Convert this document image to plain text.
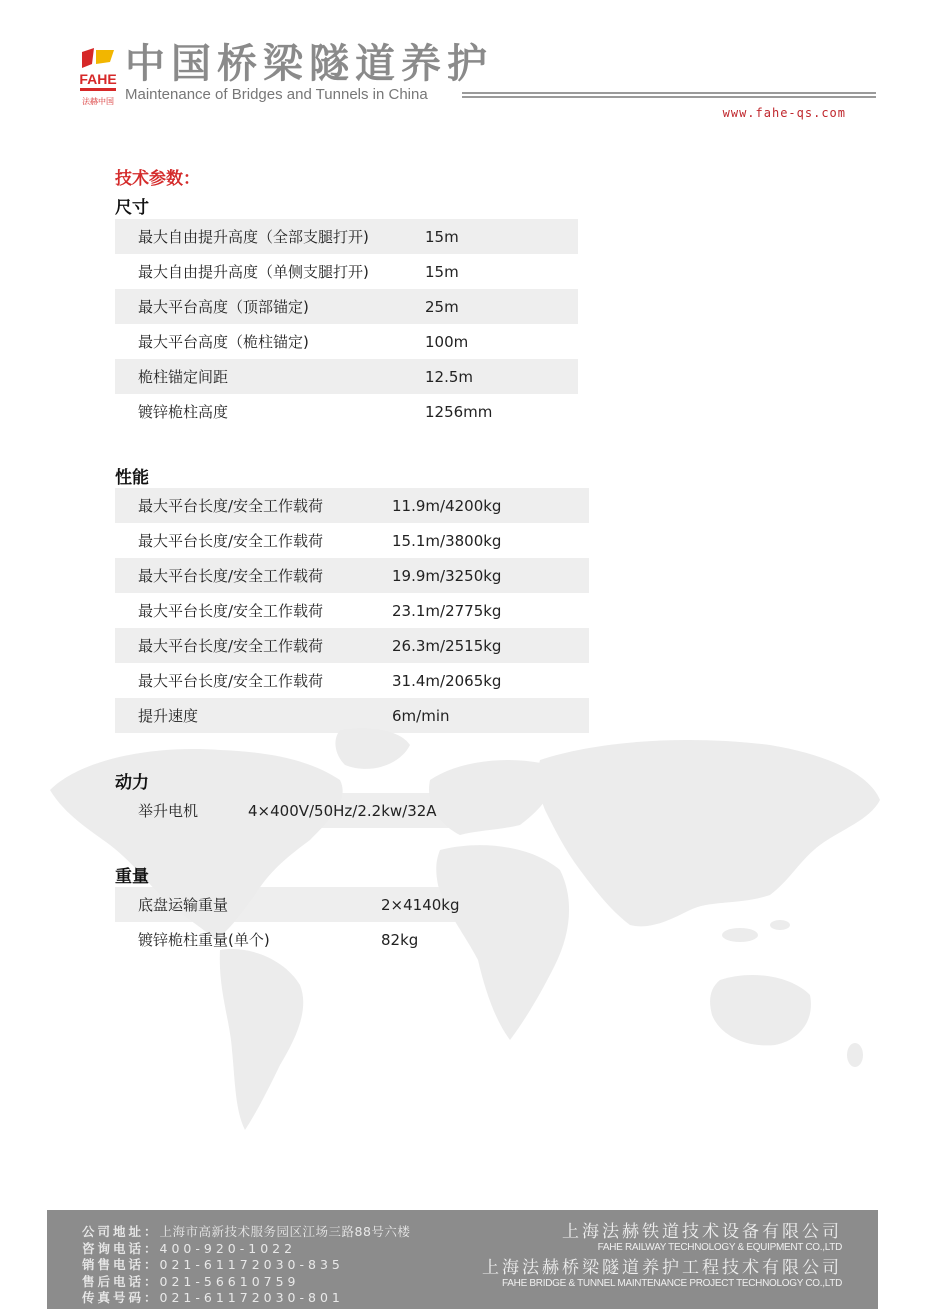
FAHE
法赫中国
中国桥梁隧道养护
Maintenance of Bridges and Tunnels in China
www.fahe-qs.com
技术参数：
尺寸
最大自由提升高度（全部支腿打开)	15m
最大自由提升高度（单侧支腿打开)	15m
最大平台高度（顶部锚定)	25m
最大平台高度（桅柱锚定)	100m
桅柱锚定间距	12.5m
镀锌桅柱高度	1256mm
性能
最大平台长度/安全工作载荷	11.9m/4200kg
最大平台长度/安全工作载荷	15.1m/3800kg
最大平台长度/安全工作载荷	19.9m/3250kg
最大平台长度/安全工作载荷	23.1m/2775kg
最大平台长度/安全工作载荷	26.3m/2515kg
最大平台长度/安全工作载荷	31.4m/2065kg
提升速度	6m/min
动力
举升电机	4×400V/50Hz/2.2kw/32A
重量
底盘运输重量	2×4140kg
镀锌桅柱重量(单个)	82kg
公司地址：上海市高新技术服务园区江场三路88号六楼
咨询电话：400-920-1022
销售电话：021-61172030-835
售后电话：021-56610759
传真号码：021-61172030-801
上海法赫铁道技术设备有限公司
FAHE RAILWAY TECHNOLOGY & EQUIPMENT CO.,LTD
上海法赫桥梁隧道养护工程技术有限公司
FAHE BRIDGE & TUNNEL MAINTENANCE PROJECT TECHNOLOGY CO.,LTD
